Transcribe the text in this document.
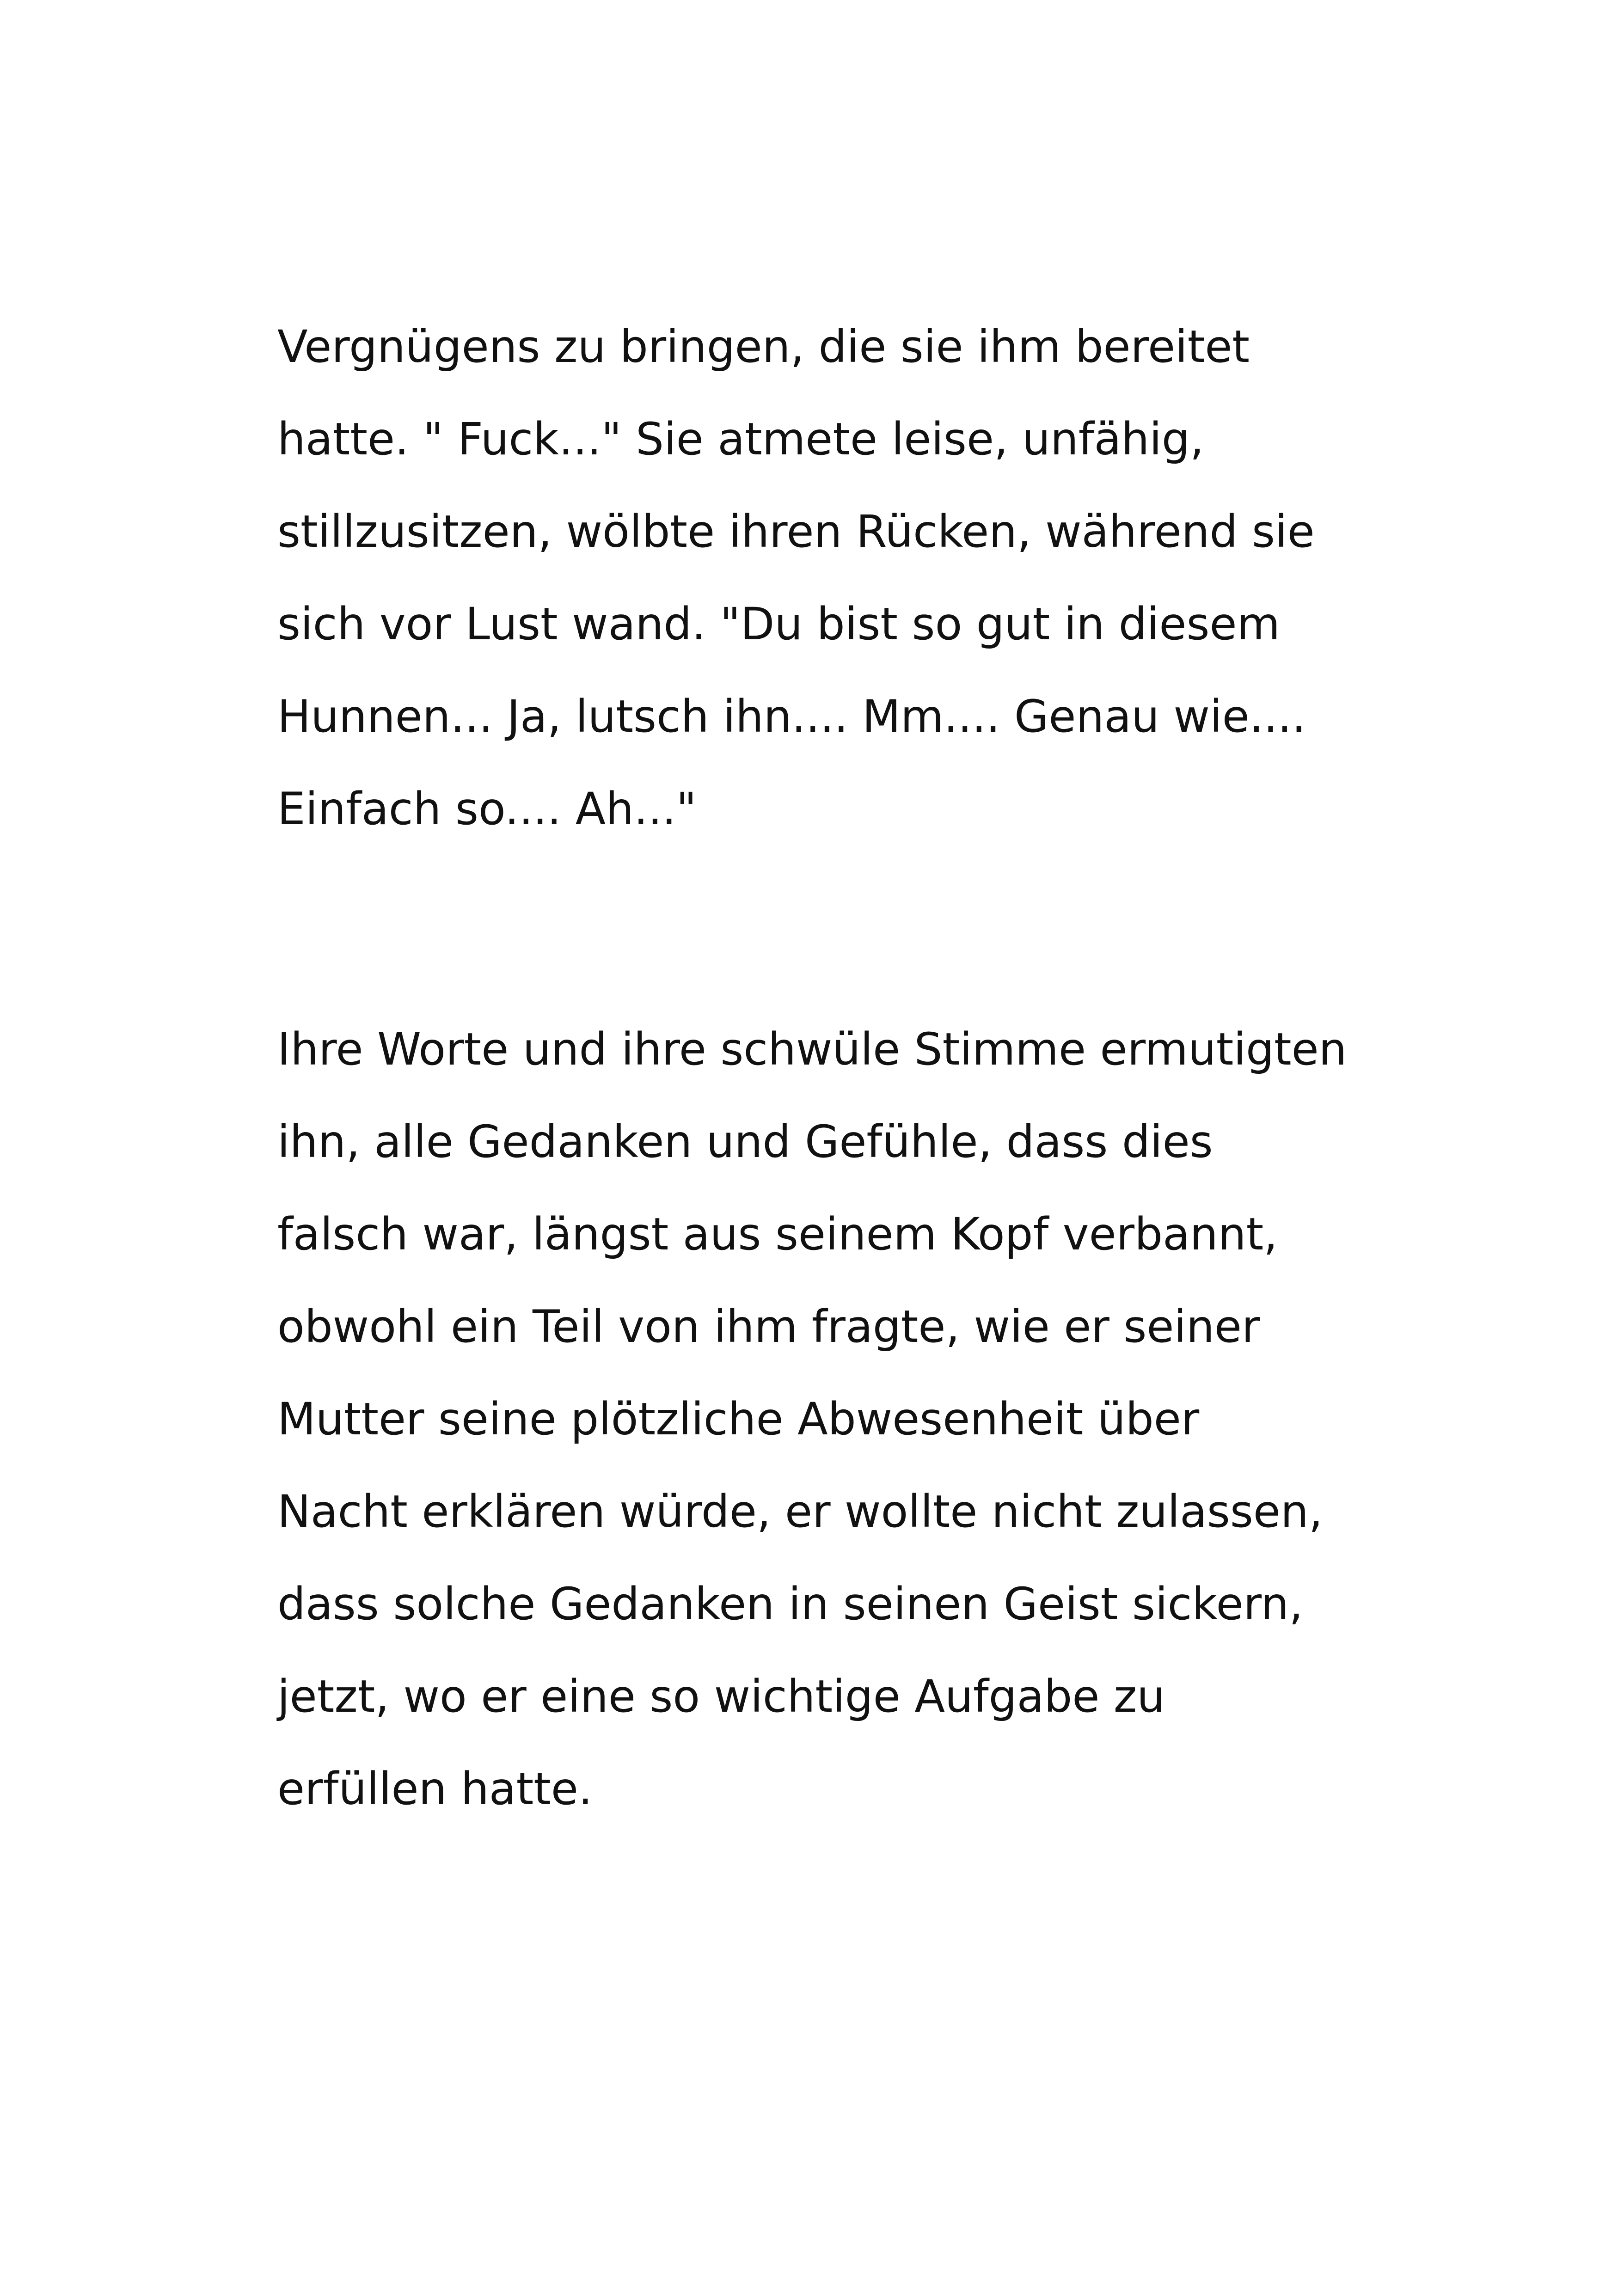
Vergnügens zu bringen, die sie ihm bereitet
hatte. " Fuck..." Sie atmete leise, unfähig,
stillzusitzen, wölbte ihren Rücken, während sie
sich vor Lust wand. "Du bist so gut in diesem
Hunnen... Ja, lutsch ihn.... Mm.... Genau wie....
Einfach so.... Ah..."
Ihre Worte und ihre schwüle Stimme ermutigten
ihn, alle Gedanken und Gefühle, dass dies
falsch war, längst aus seinem Kopf verbannt,
obwohl ein Teil von ihm fragte, wie er seiner
Mutter seine plötzliche Abwesenheit über
Nacht erklären würde, er wollte nicht zulassen,
dass solche Gedanken in seinen Geist sickern,
jetzt, wo er eine so wichtige Aufgabe zu
erfüllen hatte.
